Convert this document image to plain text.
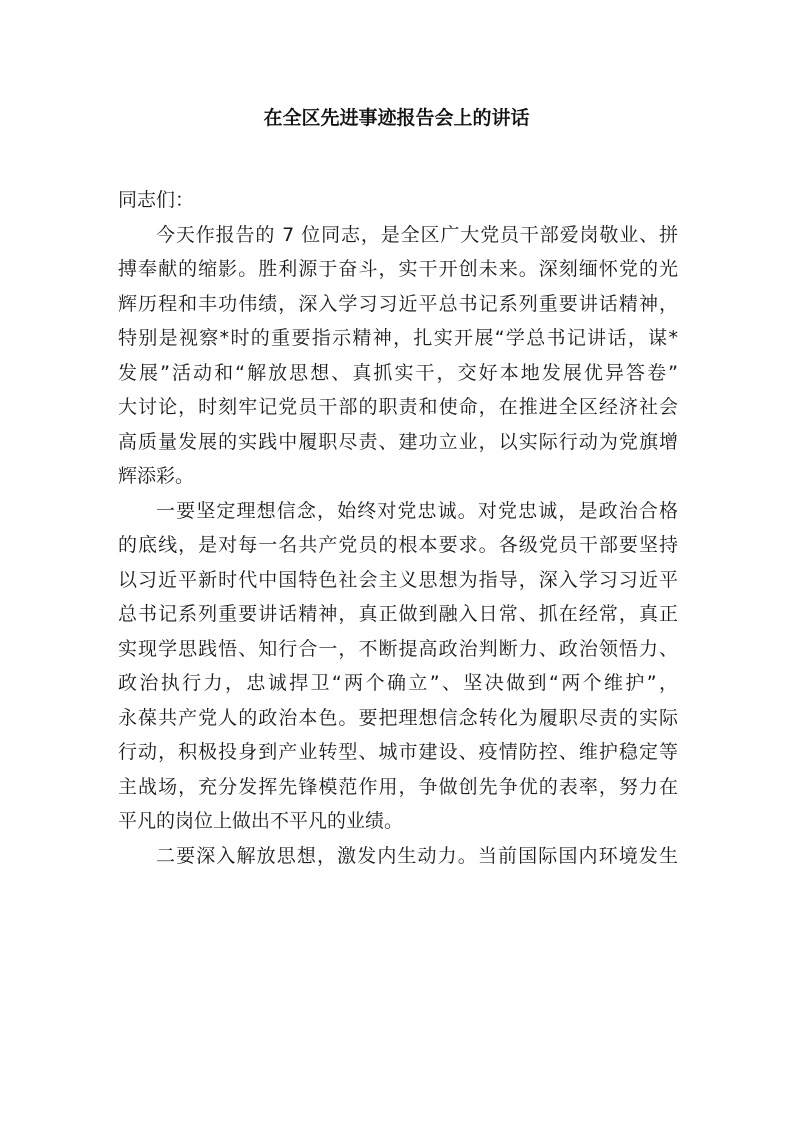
在全区先进事迹报告会上的讲话
同志们：
今天作报告的 7 位同志，是全区广大党员干部爱岗敬业、拼
搏奉献的缩影。胜利源于奋斗，实干开创未来。深刻缅怀党的光
辉历程和丰功伟绩，深入学习习近平总书记系列重要讲话精神，
特别是视察*时的重要指示精神，扎实开展“学总书记讲话，谋*
发展”活动和“解放思想、真抓实干，交好本地发展优异答卷”
大讨论，时刻牢记党员干部的职责和使命，在推进全区经济社会
高质量发展的实践中履职尽责、建功立业，以实际行动为党旗增
辉添彩。
一要坚定理想信念，始终对党忠诚。对党忠诚，是政治合格
的底线，是对每一名共产党员的根本要求。各级党员干部要坚持
以习近平新时代中国特色社会主义思想为指导，深入学习习近平
总书记系列重要讲话精神，真正做到融入日常、抓在经常，真正
实现学思践悟、知行合一，不断提高政治判断力、政治领悟力、
政治执行力，忠诚捍卫“两个确立”、坚决做到“两个维护”，
永葆共产党人的政治本色。要把理想信念转化为履职尽责的实际
行动，积极投身到产业转型、城市建设、疫情防控、维护稳定等
主战场，充分发挥先锋模范作用，争做创先争优的表率，努力在
平凡的岗位上做出不平凡的业绩。
二要深入解放思想，激发内生动力。当前国际国内环境发生
